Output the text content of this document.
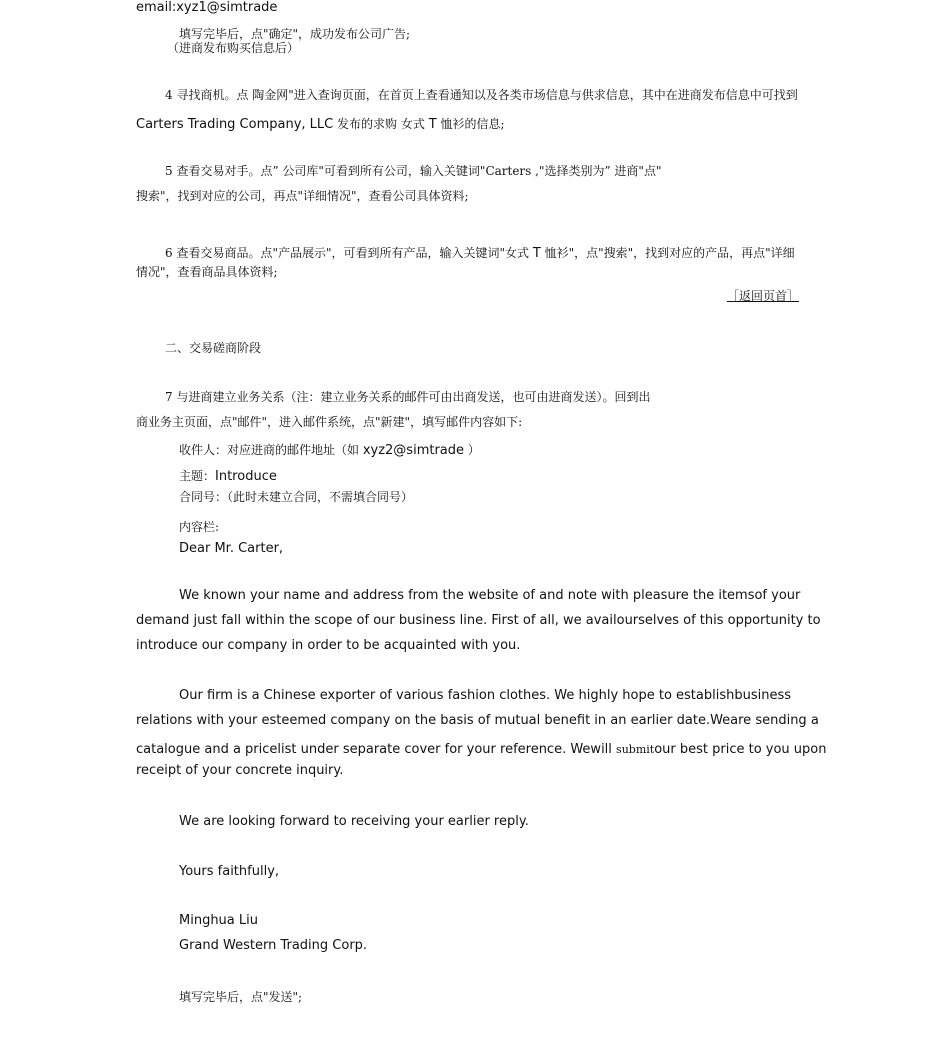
email:xyz1@simtrade
填写完毕后，点"确定"，成功发布公司广告;
（进商发布购买信息后）
4 寻找商机。点 陶金网"进入查询页面，在首页上查看通知以及各类市场信息与供求信息，其中在进商发布信息中可找到
Carters Trading Company, LLC 发布的求购 女式 T 恤衫的信息;
5 查看交易对手。点” 公司库"可看到所有公司，输入关键词"Carters ,"选择类别为” 进商"点"
搜索"，找到对应的公司，再点"详细情况"，查看公司具体资料;
6 查看交易商品。点"产品展示"，可看到所有产品，输入关键词"女式 T 恤衫"，点"搜索"，找到对应的产品，再点"详细
情况"，查看商品具体资料;
［返回页首］
二、交易磋商阶段
7 与进商建立业务关系（注：建立业务关系的邮件可由出商发送，也可由进商发送）。回到出
商业务主页面，点"邮件"，进入邮件系统，点"新建"，填写邮件内容如下:
收件人：对应进商的邮件地址（如 xyz2@simtrade ）
主题：Introduce
合同号：（此时未建立合同，不需填合同号）
内容栏:
Dear Mr. Carter,
We known your name and address from the website of and note with pleasure the itemsof your
demand just fall within the scope of our business line. First of all, we availourselves of this opportunity to
introduce our company in order to be acquainted with you.
Our firm is a Chinese exporter of various fashion clothes. We highly hope to establishbusiness
relations with your esteemed company on the basis of mutual benefit in an earlier date.Weare sending a
catalogue and a pricelist under separate cover for your reference. Wewill submitour best price to you upon
receipt of your concrete inquiry.
We are looking forward to receiving your earlier reply.
Yours faithfully,
Minghua Liu
Grand Western Trading Corp.
填写完毕后，点"发送";
